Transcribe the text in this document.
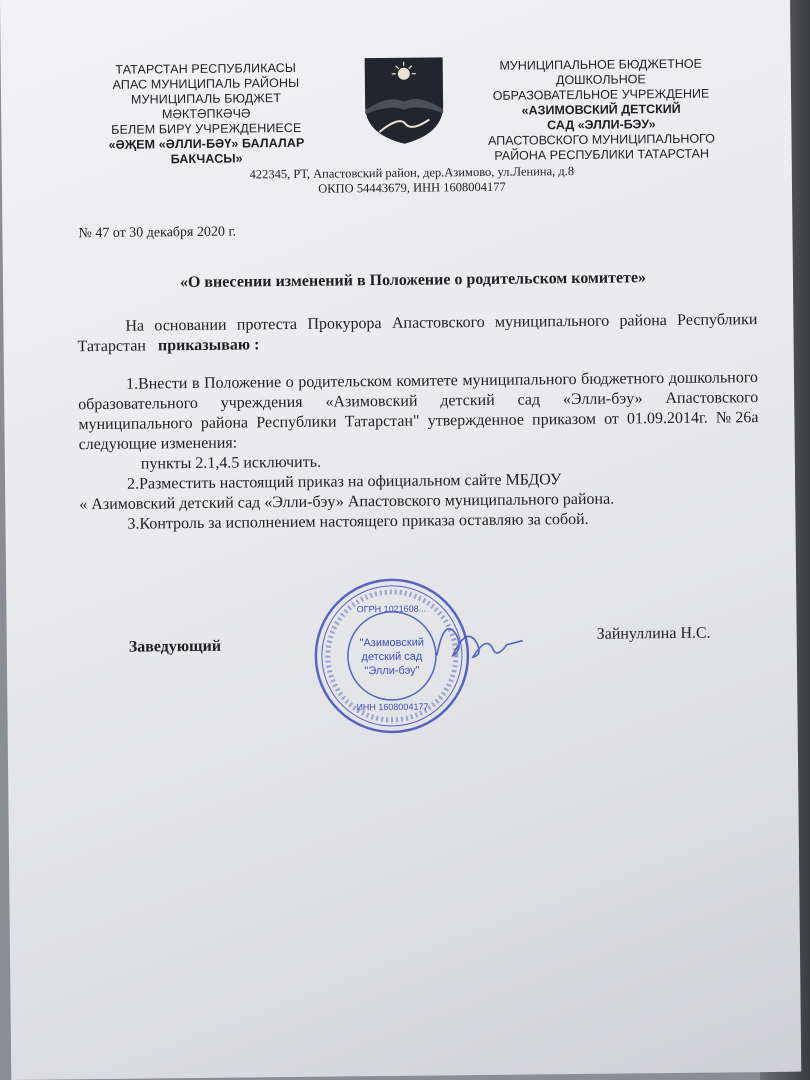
ТАТАРСТАН РЕСПУБЛИКАСЫ
АПАС МУНИЦИПАЛЬ РАЙОНЫ
МУНИЦИПАЛЬ БЮДЖЕТ
МӘКТӘПКӘЧӘ
БЕЛЕМ БИРҮ УЧРЕЖДЕНИЕСЕ
«ӘҖЕМ «ӘЛЛИ-БӘҮ» БАЛАЛАР
БАКЧАСЫ»
МУНИЦИПАЛЬНОЕ БЮДЖЕТНОЕ
ДОШКОЛЬНОЕ
ОБРАЗОВАТЕЛЬНОЕ УЧРЕЖДЕНИЕ
«АЗИМОВСКИЙ ДЕТСКИЙ
САД «ЭЛЛИ-БЭУ»
АПАСТОВСКОГО МУНИЦИПАЛЬНОГО
РАЙОНА РЕСПУБЛИКИ ТАТАРСТАН
422345, РТ, Апастовский район, дер.Азимово, ул.Ленина, д.8
ОКПО 54443679, ИНН 1608004177
№ 47 от 30 декабря 2020 г.
«О внесении изменений в Положение о родительском комитете»

На основании протеста Прокурора Апастовского муниципального района Республики Татарстан приказываю :

1.Внести в Положение о родительском комитете муниципального бюджетного дошкольного образовательного учреждения «Азимовский детский сад «Элли-бэу» Апастовского муниципального района Республики Татарстан" утвержденное приказом от 01.09.2014г. №26а следующие изменения:

пункты 2.1,4.5 исключить.

2.Разместить настоящий приказ на официальном сайте МБДОУ

« Азимовский детский сад «Элли-бэу» Апастовского муниципального района.

3.Контроль за исполнением настоящего приказа оставляю за собой.

Заведующий
ОГРН 1021608...
"Азимовский
детский сад
"Элли-бэу"
ИНН 1608004177
Зайнуллина Н.С.
